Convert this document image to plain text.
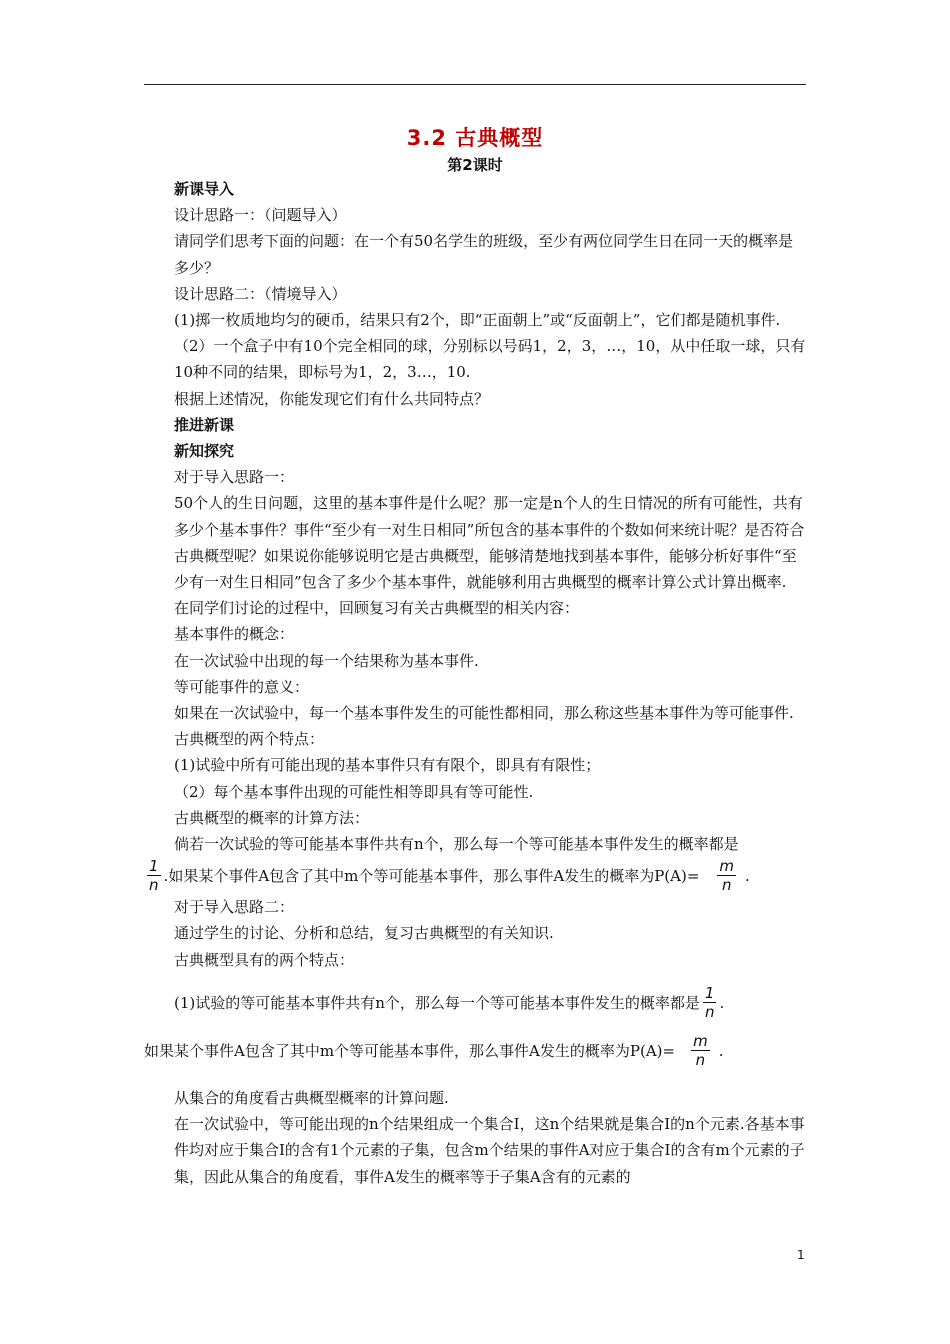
3.2 古典概型
第2课时

新课导入

设计思路一：（问题导入）

请同学们思考下面的问题：在一个有50名学生的班级，至少有两位同学生日在同一天的概率是多少？

设计思路二：（情境导入）

(1)掷一枚质地均匀的硬币，结果只有2个，即“正面朝上”或“反面朝上”，它们都是随机事件.

（2）一个盒子中有10个完全相同的球，分别标以号码1，2，3，…，10，从中任取一球，只有10种不同的结果，即标号为1，2，3…，10.

根据上述情况，你能发现它们有什么共同特点？

推进新课

新知探究

对于导入思路一：

50个人的生日问题，这里的基本事件是什么呢？那一定是n个人的生日情况的所有可能性，共有多少个基本事件？事件“至少有一对生日相同”所包含的基本事件的个数如何来统计呢？是否符合古典概型呢？如果说你能够说明它是古典概型，能够清楚地找到基本事件，能够分析好事件“至少有一对生日相同”包含了多少个基本事件，就能够利用古典概型的概率计算公式计算出概率.

在同学们讨论的过程中，回顾复习有关古典概型的相关内容：

基本事件的概念：

在一次试验中出现的每一个结果称为基本事件.

等可能事件的意义：

如果在一次试验中，每一个基本事件发生的可能性都相同，那么称这些基本事件为等可能事件.

古典概型的两个特点：

(1)试验中所有可能出现的基本事件只有有限个，即具有有限性；

（2）每个基本事件出现的可能性相等即具有等可能性.

古典概型的概率的计算方法：

倘若一次试验的等可能基本事件共有n个，那么每一个等可能基本事件发生的概率都是

$\frac{1}{n}$ .如果某个事件A包含了其中m个等可能基本事件，那么事件A发生的概率为$P(A)= \frac{m}{n}$ .

对于导入思路二：

通过学生的讨论、分析和总结，复习古典概型的有关知识.

古典概型具有的两个特点：

(1)试验的等可能基本事件共有n个，那么每一个等可能基本事件发生的概率都是 $\frac{1}{n}$ .
如果某个事件A包含了其中m个等可能基本事件，那么事件A发生的概率为$P(A)= \frac{m}{n}$ .

从集合的角度看古典概型概率的计算问题.

在一次试验中，等可能出现的n个结果组成一个集合I，这n个结果就是集合I的n个元素.各基本事件均对应于集合I的含有1个元素的子集，包含m个结果的事件A对应于集合I的含有m个元素的子集，因此从集合的角度看，事件A发生的概率等于子集A含有的元素的

1
